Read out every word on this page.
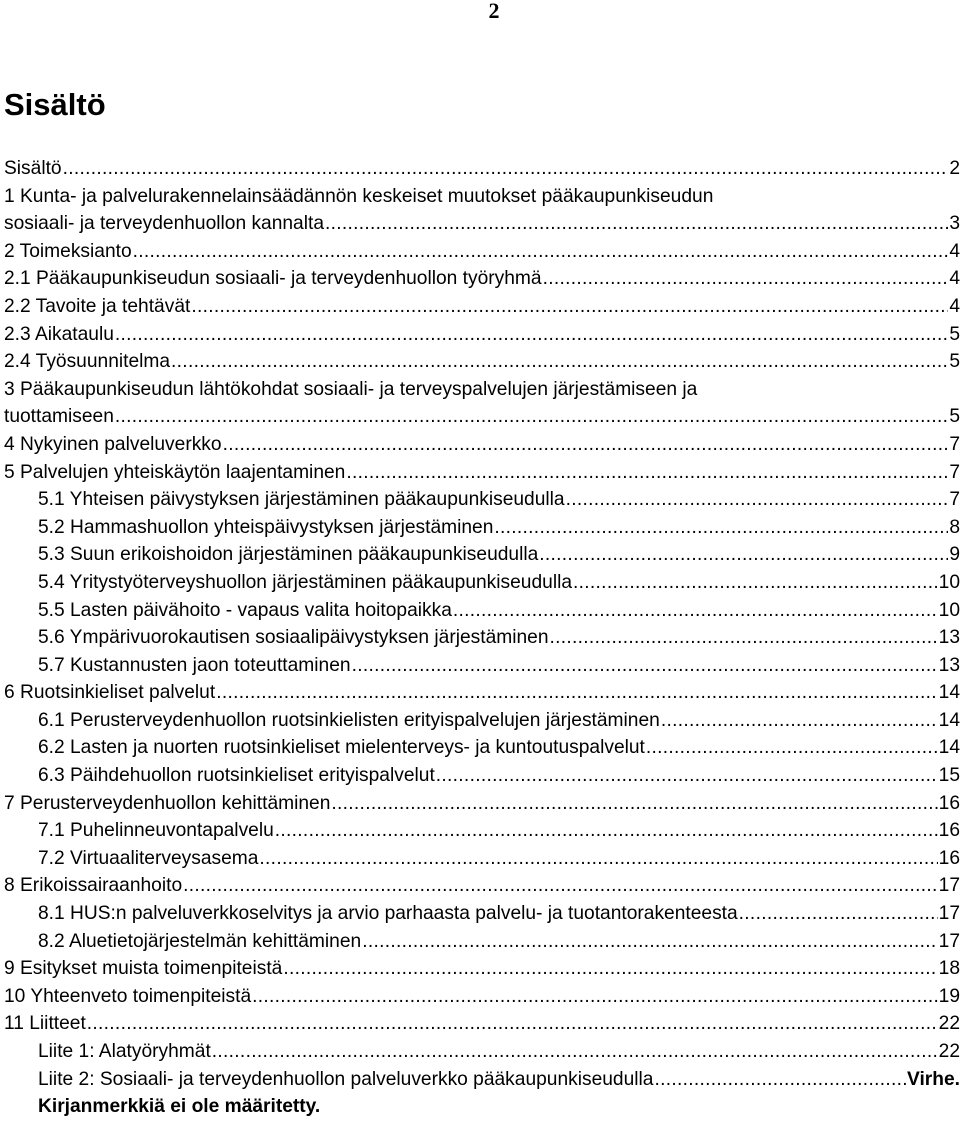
2
Sisältö
Sisältö .....	2
1 Kunta- ja palvelurakennelainsäädännön keskeiset muutokset pääkaupunkiseudun
sosiaali- ja terveydenhuollon kannalta .....	3
2 Toimeksianto .....	4
2.1 Pääkaupunkiseudun sosiaali- ja terveydenhuollon työryhmä .....	4
2.2 Tavoite ja tehtävät .....	4
2.3 Aikataulu .....	5
2.4 Työsuunnitelma .....	5
3 Pääkaupunkiseudun lähtökohdat sosiaali- ja terveyspalvelujen järjestämiseen ja
tuottamiseen .....	5
4 Nykyinen palveluverkko .....	7
5 Palvelujen yhteiskäytön laajentaminen .....	7
5.1 Yhteisen päivystyksen järjestäminen pääkaupunkiseudulla .....	7
5.2 Hammashuollon yhteispäivystyksen järjestäminen .....	8
5.3 Suun erikoishoidon järjestäminen pääkaupunkiseudulla .....	9
5.4 Yritystyöterveyshuollon järjestäminen pääkaupunkiseudulla .....	10
5.5 Lasten päivähoito - vapaus valita hoitopaikka .....	10
5.6 Ympärivuorokautisen sosiaalipäivystyksen järjestäminen .....	13
5.7 Kustannusten jaon toteuttaminen .....	13
6 Ruotsinkieliset palvelut .....	14
6.1 Perusterveydenhuollon ruotsinkielisten erityispalvelujen järjestäminen .....	14
6.2 Lasten ja nuorten ruotsinkieliset mielenterveys- ja kuntoutuspalvelut .....	14
6.3 Päihdehuollon ruotsinkieliset erityispalvelut .....	15
7 Perusterveydenhuollon kehittäminen .....	16
7.1 Puhelinneuvontapalvelu .....	16
7.2 Virtuaaliterveysasema .....	16
8 Erikoissairaanhoito .....	17
8.1 HUS:n palveluverkkoselvitys ja arvio parhaasta palvelu- ja tuotantorakenteesta .....	17
8.2 Aluetietojärjestelmän kehittäminen .....	17
9 Esitykset muista toimenpiteistä .....	18
10 Yhteenveto toimenpiteistä .....	19
11 Liitteet .....	22
Liite 1: Alatyöryhmät .....	22
Liite 2: Sosiaali- ja terveydenhuollon palveluverkko pääkaupunkiseudulla .....	Virhe.
Kirjanmerkkiä ei ole määritetty.
